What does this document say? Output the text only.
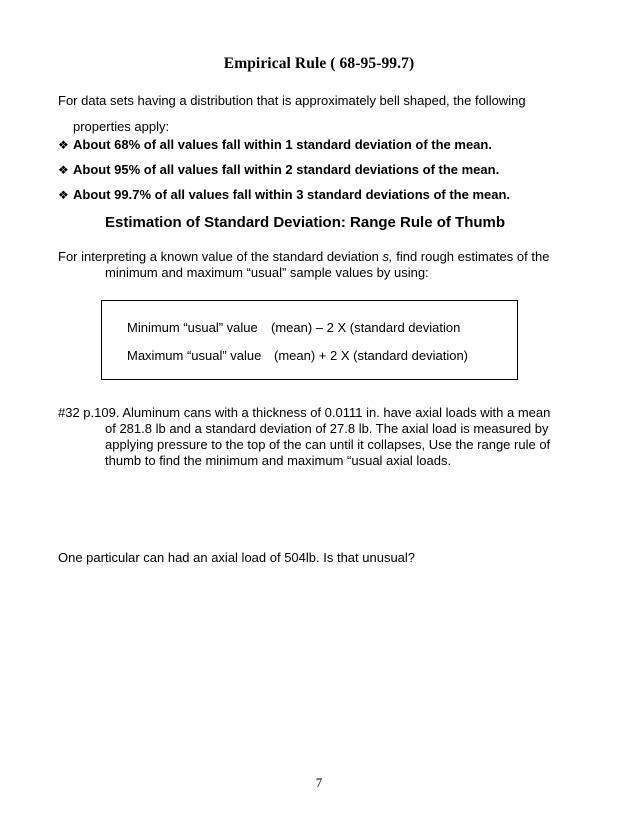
Empirical Rule ( 68-95-99.7)
For data sets having a distribution that is approximately bell shaped, the following
properties apply:
❖ About 68% of all values fall within 1 standard deviation of the mean.
❖ About 95% of all values fall within 2 standard deviations of the mean.
❖ About 99.7% of all values fall within 3 standard deviations of the mean.
Estimation of Standard Deviation: Range Rule of Thumb
For interpreting a known value of the standard deviation s, find rough estimates of the
minimum and maximum “usual” sample values by using:
Minimum “usual” value (mean) – 2 X (standard deviation
Maximum “usual” value (mean) + 2 X (standard deviation)
#32 p.109. Aluminum cans with a thickness of 0.0111 in. have axial loads with a mean
of 281.8 lb and a standard deviation of 27.8 lb. The axial load is measured by
applying pressure to the top of the can until it collapses, Use the range rule of
thumb to find the minimum and maximum “usual axial loads.
One particular can had an axial load of 504lb. Is that unusual?
7
